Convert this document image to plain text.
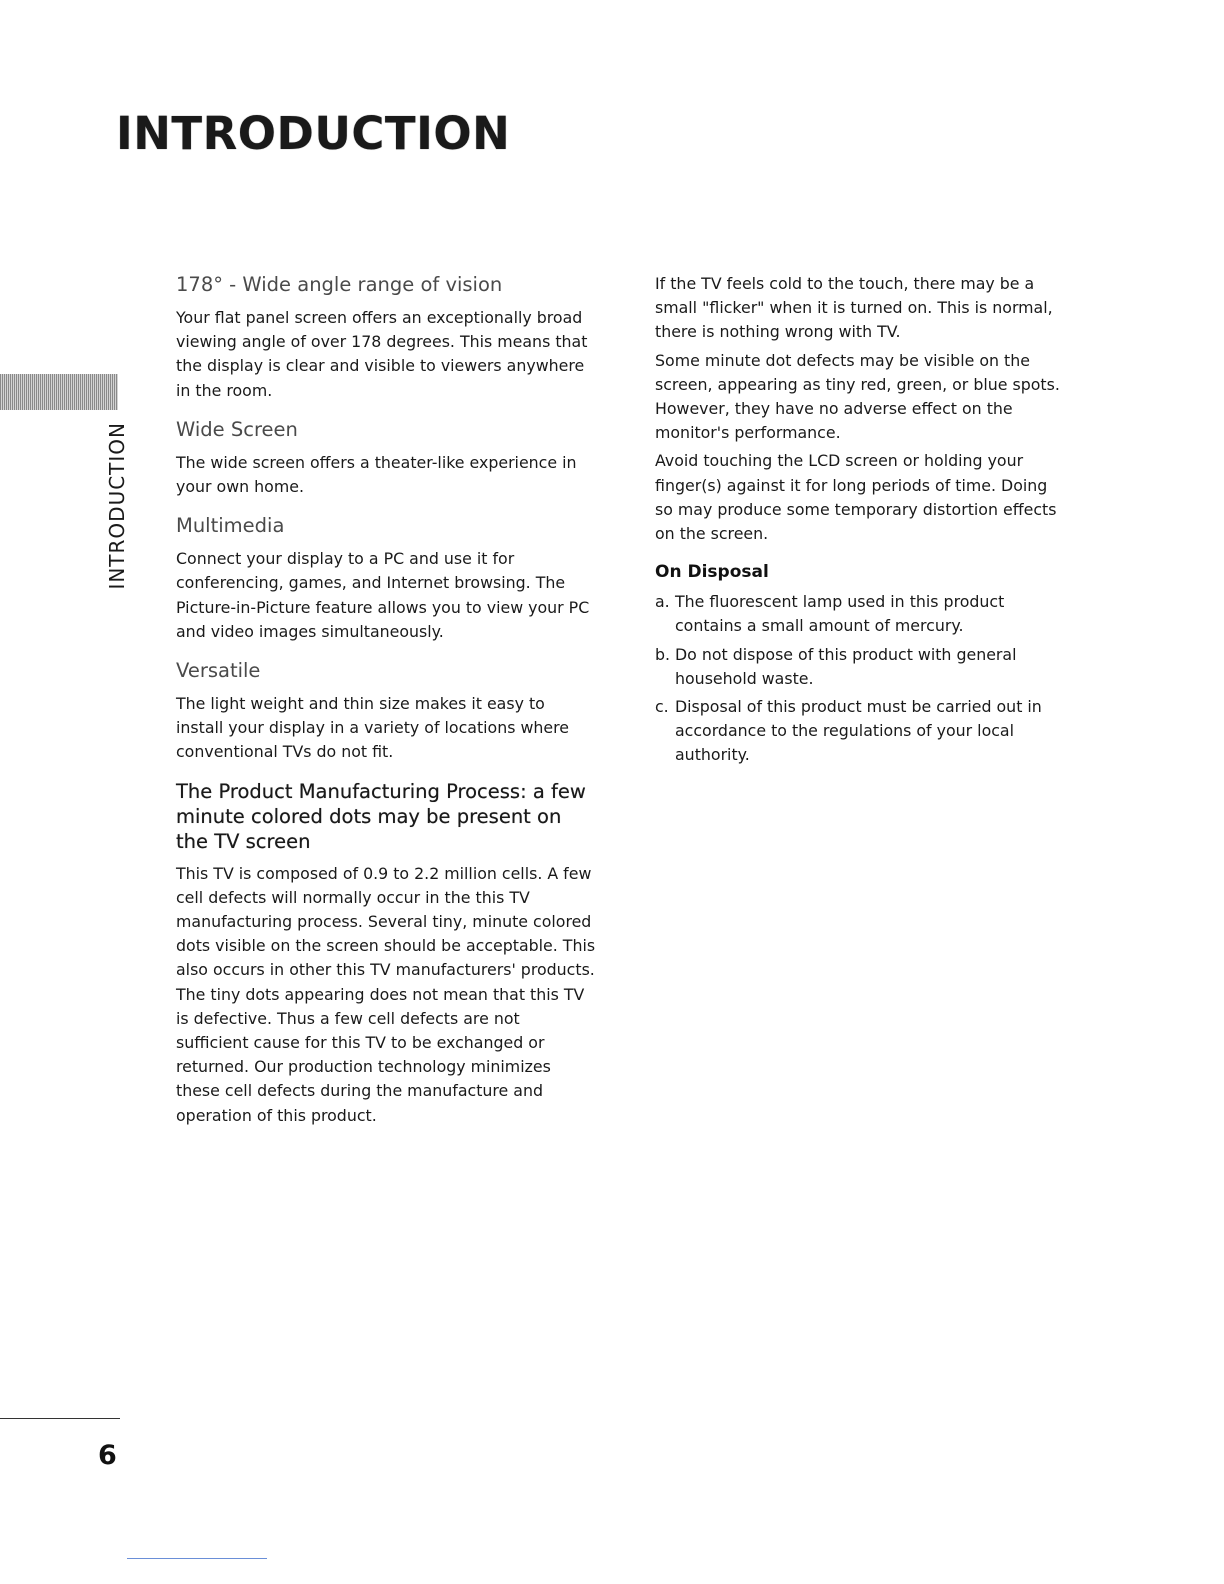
INTRODUCTION
INTRODUCTION
178° - Wide angle range of vision

Your flat panel screen offers an exceptionally broad viewing angle of over 178 degrees. This means that the display is clear and visible to viewers anywhere in the room.

Wide Screen

The wide screen offers a theater-like experience in your own home.

Multimedia

Connect your display to a PC and use it for conferencing, games, and Internet browsing. The Picture-in-Picture feature allows you to view your PC and video images simultaneously.

Versatile

The light weight and thin size makes it easy to install your display in a variety of locations where conventional TVs do not fit.

The Product Manufacturing Process: a few minute colored dots may be present on the TV screen

This TV is composed of 0.9 to 2.2 million cells. A few cell defects will normally occur in the this TV manufacturing process. Several tiny, minute colored dots visible on the screen should be acceptable. This also occurs in other this TV manufacturers' products. The tiny dots appearing does not mean that this TV is defective. Thus a few cell defects are not sufficient cause for this TV to be exchanged or returned. Our production technology minimizes these cell defects during the manufacture and operation of this product.

If the TV feels cold to the touch, there may be a small "flicker" when it is turned on. This is normal, there is nothing wrong with TV.

Some minute dot defects may be visible on the screen, appearing as tiny red, green, or blue spots. However, they have no adverse effect on the monitor's performance.

Avoid touching the LCD screen or holding your finger(s) against it for long periods of time. Doing so may produce some temporary distortion effects on the screen.

On Disposal
a. The fluorescent lamp used in this product contains a small amount of mercury.
b. Do not dispose of this product with general household waste.
c. Disposal of this product must be carried out in accordance to the regulations of your local authority.
6
